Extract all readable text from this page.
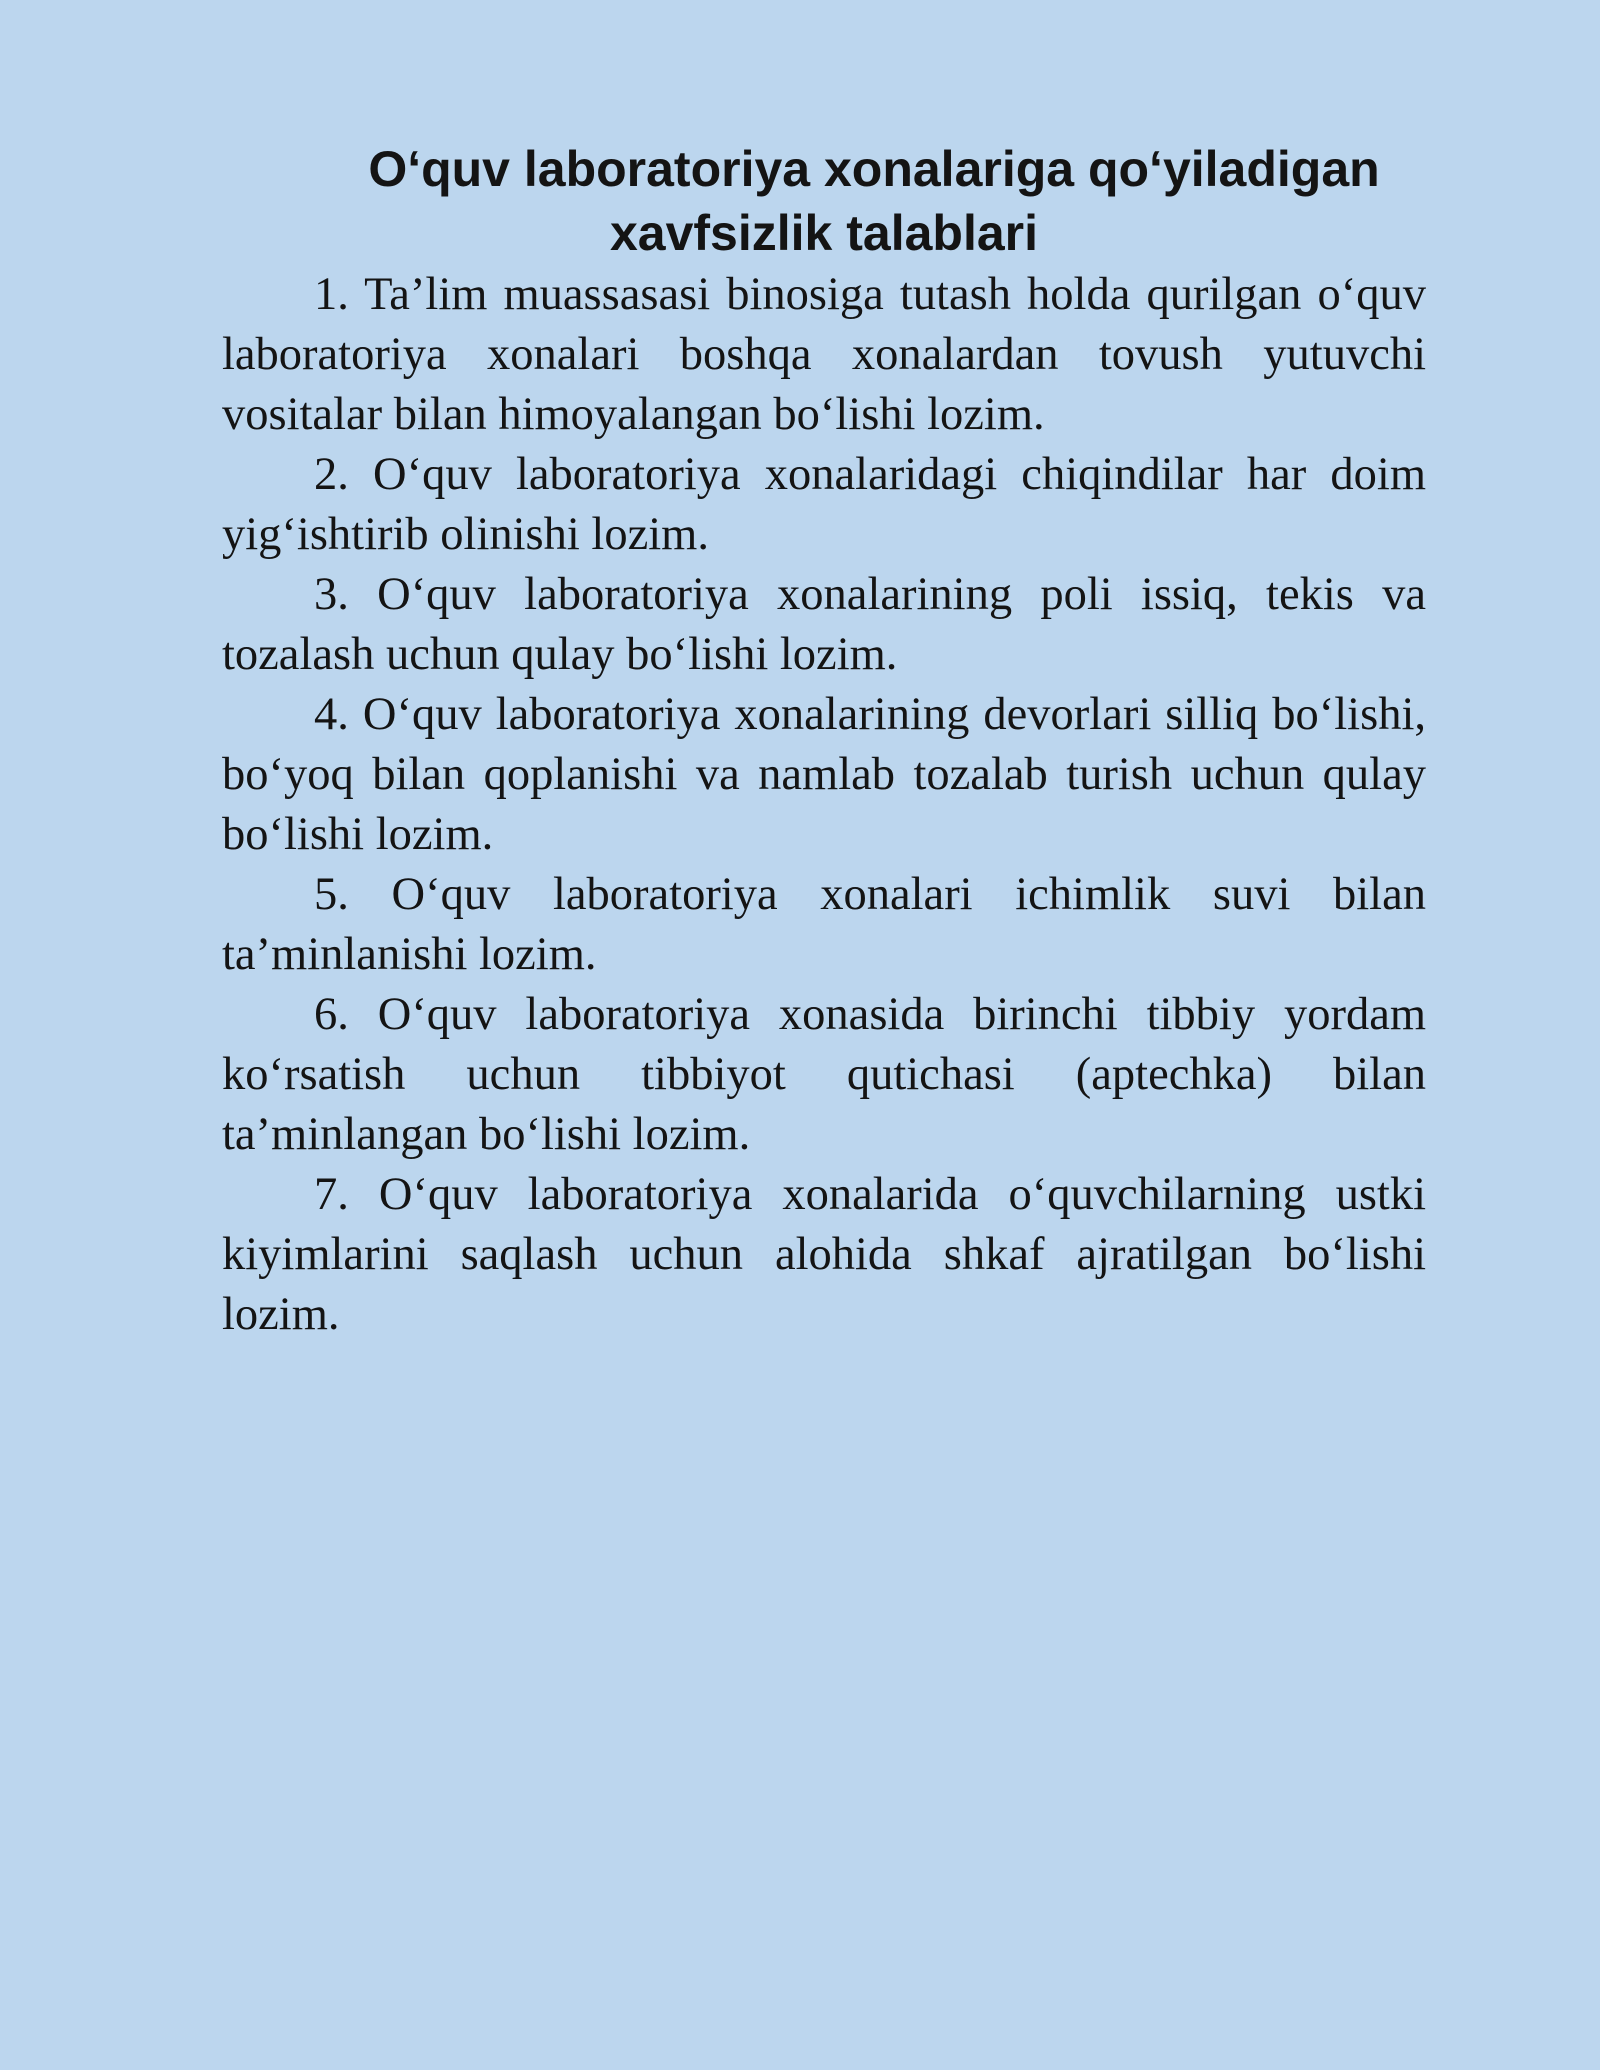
O‘quv laboratoriya xonalariga qo‘yiladigan
xavfsizlik talablari
1. Ta’lim muassasasi binosiga tutash holda qurilgan o‘quv laboratoriya xonalari boshqa xonalardan tovush yutuvchi vositalar bilan himoyalangan bo‘lishi lozim.
2. O‘quv laboratoriya xonalaridagi chiqindilar har doim yig‘ishtirib olinishi lozim.
3. O‘quv laboratoriya xonalarining poli issiq, tekis va tozalash uchun qulay bo‘lishi lozim.
4. O‘quv laboratoriya xonalarining devorlari silliq bo‘lishi, bo‘yoq bilan qoplanishi va namlab tozalab turish uchun qulay bo‘lishi lozim.
5. O‘quv laboratoriya xonalari ichimlik suvi bilan ta’minlanishi lozim.
6. O‘quv laboratoriya xonasida birinchi tibbiy yordam ko‘rsatish uchun tibbiyot qutichasi (aptechka) bilan ta’minlangan bo‘lishi lozim.
7. O‘quv laboratoriya xonalarida o‘quvchilarning ustki kiyimlarini saqlash uchun alohida shkaf ajratilgan bo‘lishi lozim.
